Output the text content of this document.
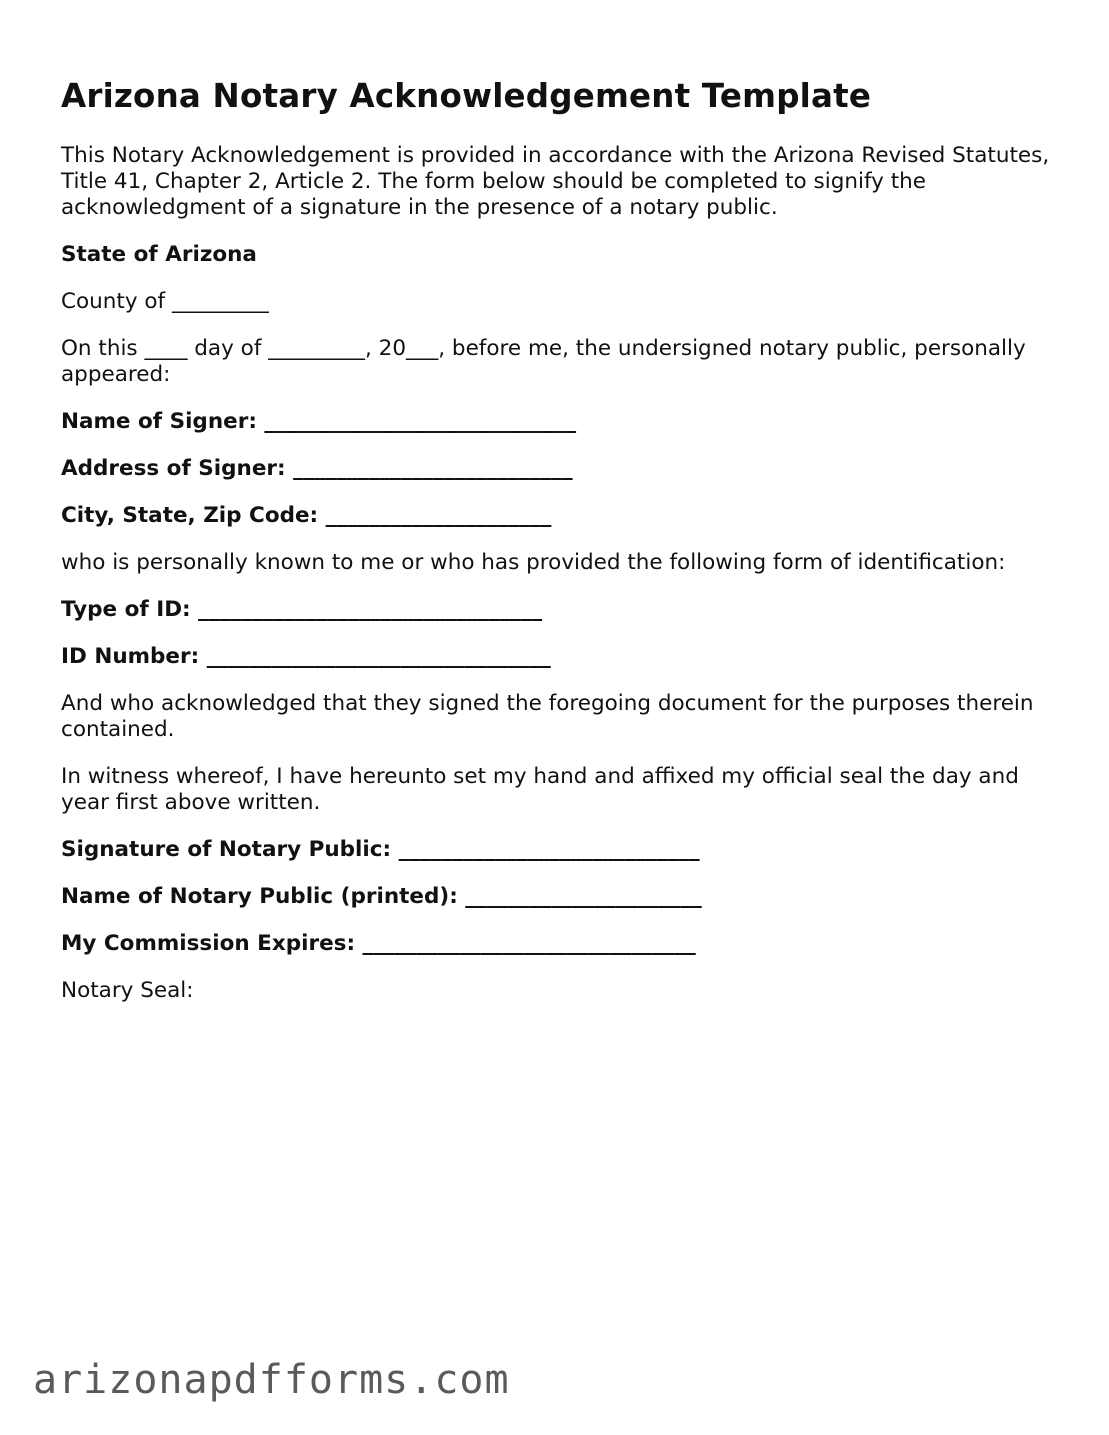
Arizona Notary Acknowledgement Template

This Notary Acknowledgement is provided in accordance with the Arizona Revised Statutes, Title 41, Chapter 2, Article 2. The form below should be completed to signify the acknowledgment of a signature in the presence of a notary public.

State of Arizona

County of _________

On this ____ day of _________, 20___, before me, the undersigned notary public, personally appeared:

Name of Signer: _____________________________

Address of Signer: __________________________

City, State, Zip Code: _____________________

who is personally known to me or who has provided the following form of identification:

Type of ID: ________________________________

ID Number: ________________________________

And who acknowledged that they signed the foregoing document for the purposes therein contained.

In witness whereof, I have hereunto set my hand and affixed my official seal the day and year first above written.

Signature of Notary Public: ____________________________

Name of Notary Public (printed): ______________________

My Commission Expires: _______________________________

Notary Seal:

arizonapdfforms.com
